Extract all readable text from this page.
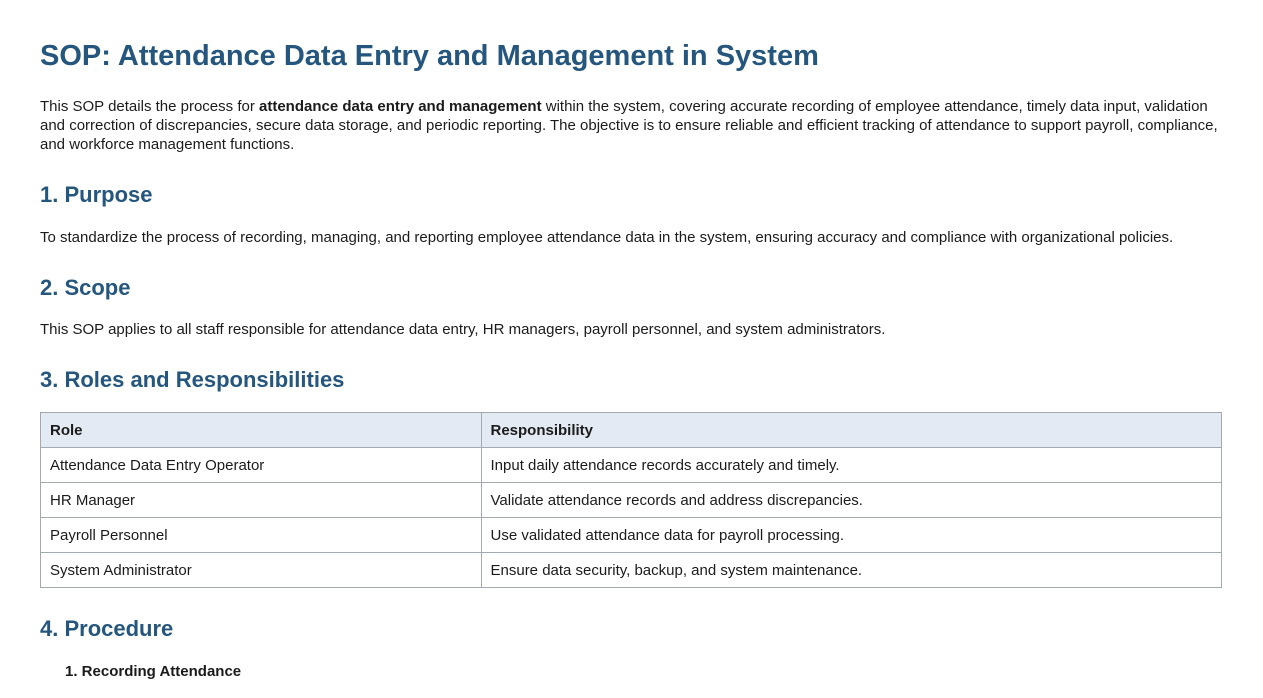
SOP: Attendance Data Entry and Management in System

This SOP details the process for attendance data entry and management within the system, covering accurate recording of employee attendance, timely data input, validation and correction of discrepancies, secure data storage, and periodic reporting. The objective is to ensure reliable and efficient tracking of attendance to support payroll, compliance, and workforce management functions.

1. Purpose

To standardize the process of recording, managing, and reporting employee attendance data in the system, ensuring accuracy and compliance with organizational policies.

2. Scope

This SOP applies to all staff responsible for attendance data entry, HR managers, payroll personnel, and system administrators.

3. Roles and Responsibilities
Role	Responsibility
Attendance Data Entry Operator	Input daily attendance records accurately and timely.
HR Manager	Validate attendance records and address discrepancies.
Payroll Personnel	Use validated attendance data for payroll processing.
System Administrator	Ensure data security, backup, and system maintenance.
4. Procedure

1. Recording Attendance
